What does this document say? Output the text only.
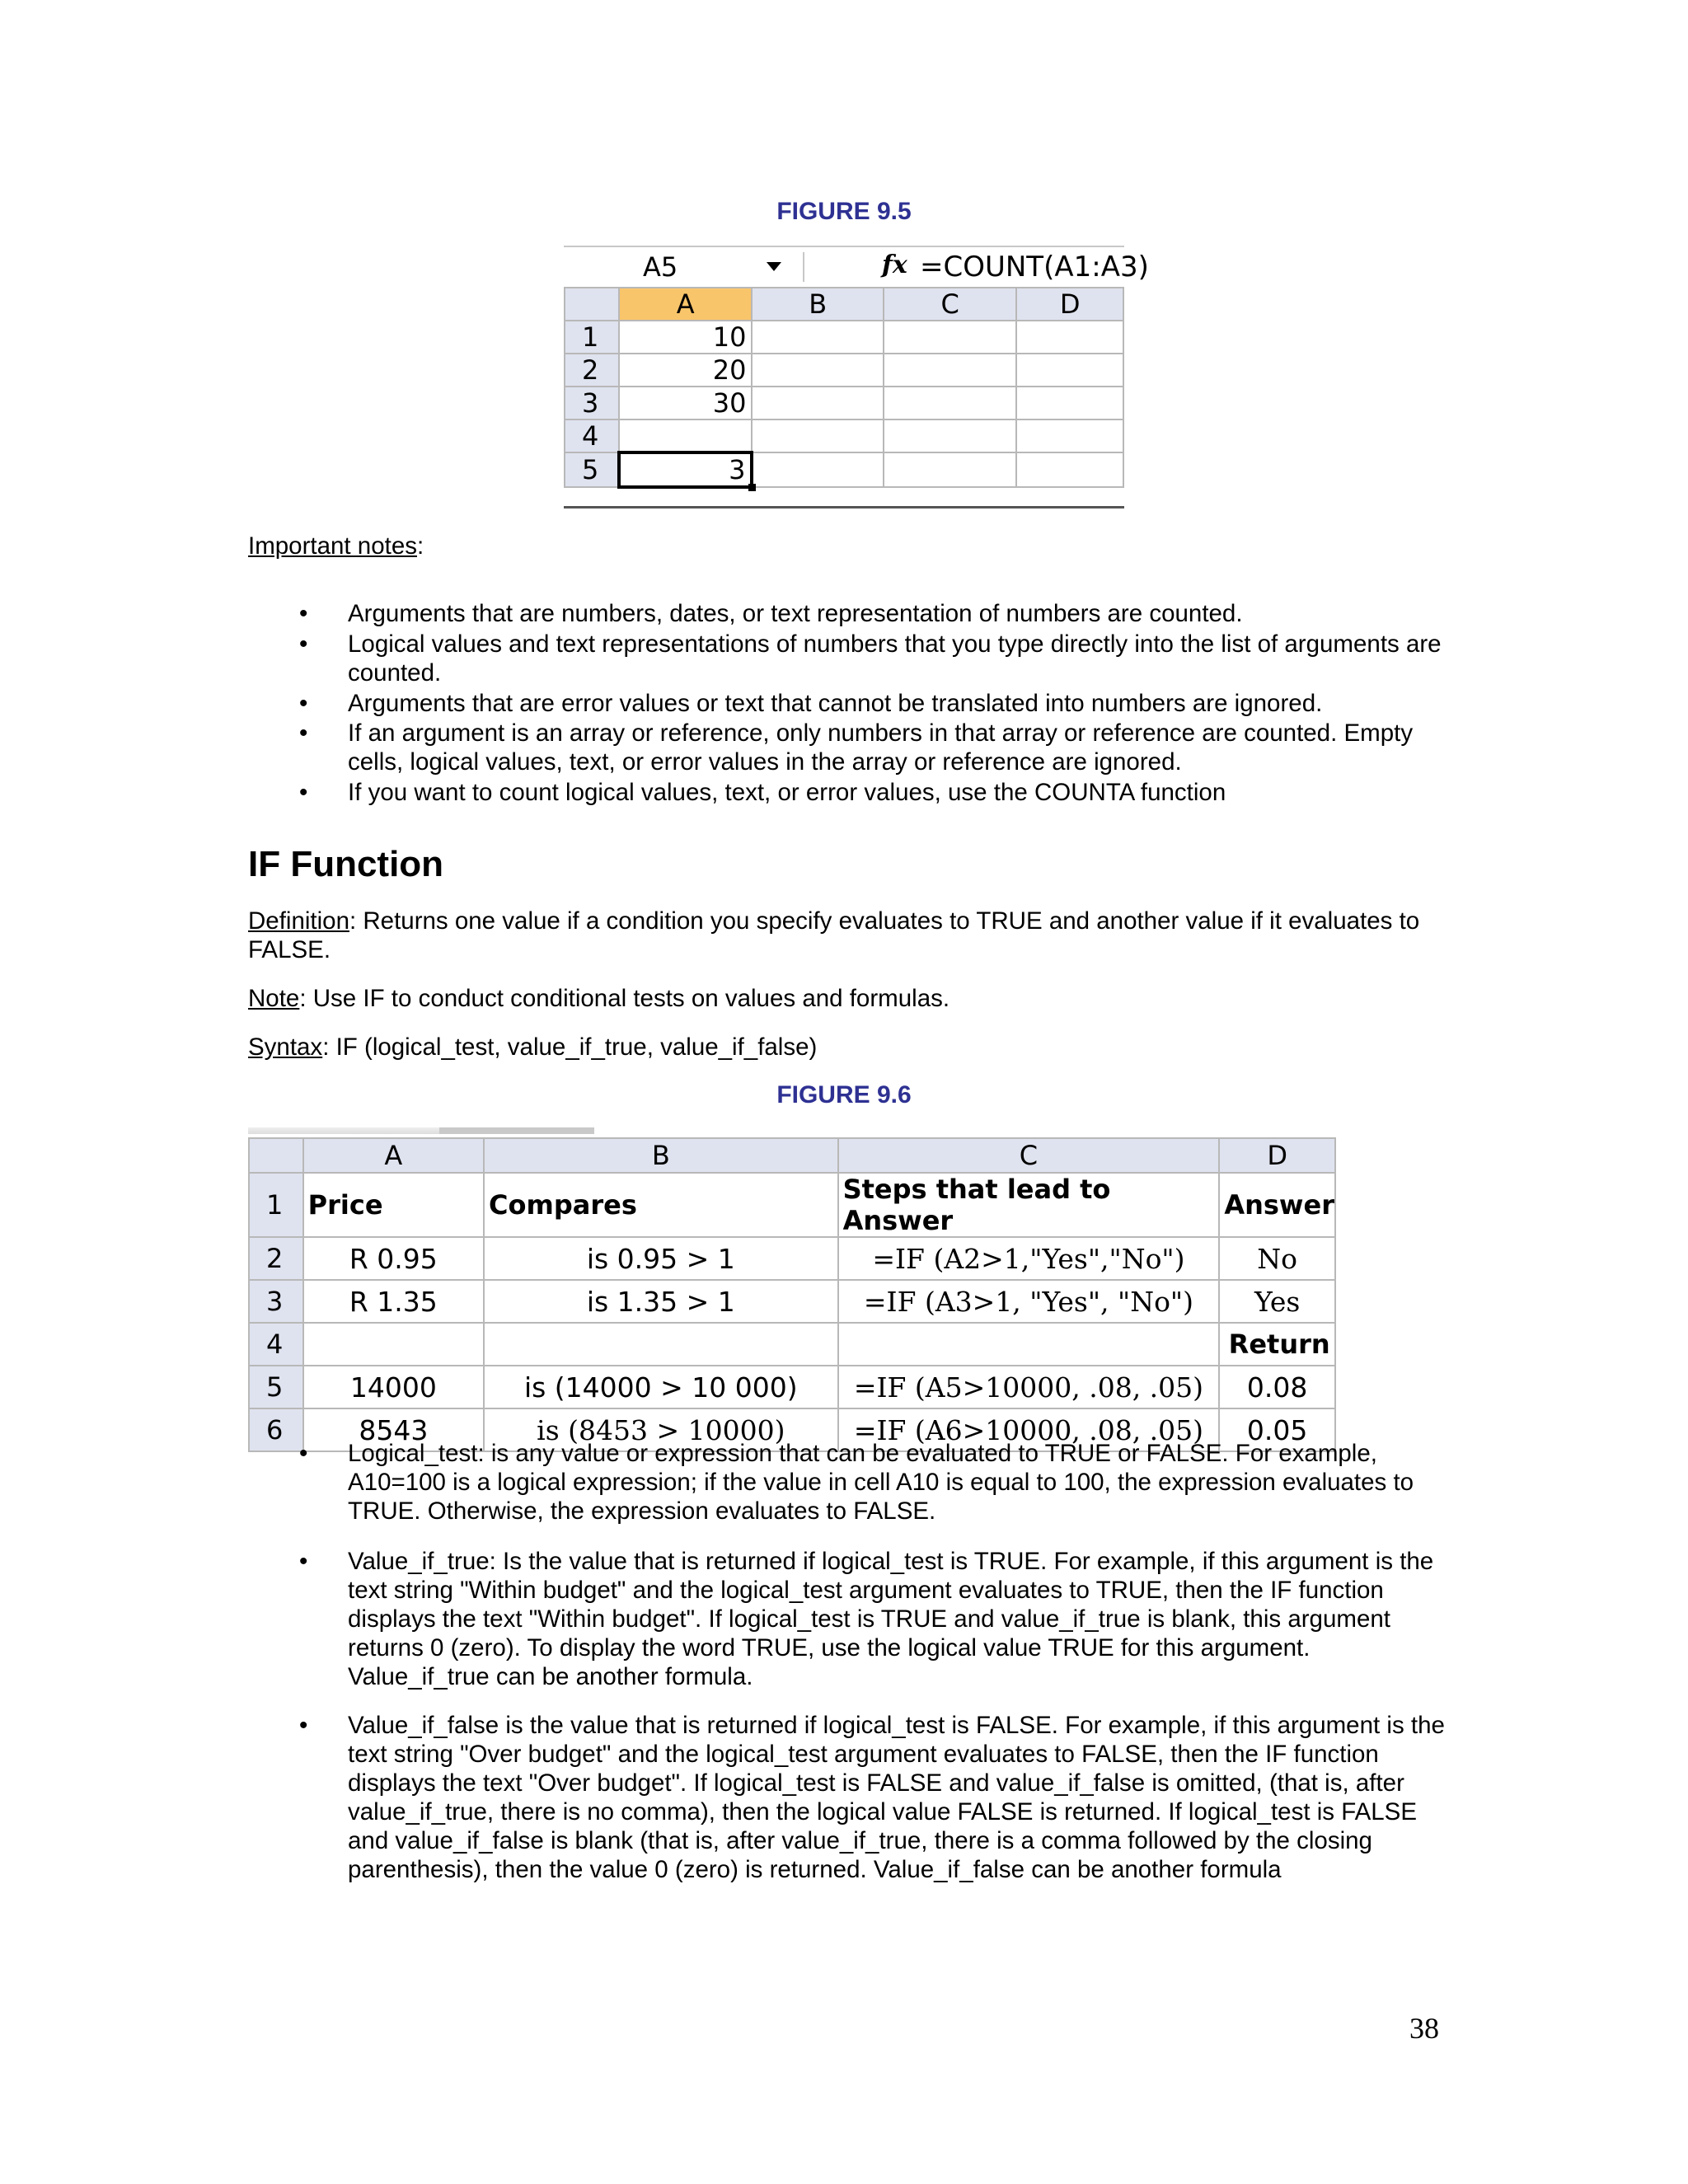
FIGURE 9.5
A5	fx =COUNT(A1:A3)
	A	B	C	D
1	10			
2	20			
3	30			
4				
5	3

Important notes:
• Arguments that are numbers, dates, or text representation of numbers are counted.
• Logical values and text representations of numbers that you type directly into the list of arguments are counted.
• Arguments that are error values or text that cannot be translated into numbers are ignored.
• If an argument is an array or reference, only numbers in that array or reference are counted. Empty cells, logical values, text, or error values in the array or reference are ignored.
• If you want to count logical values, text, or error values, use the COUNTA function
IF Function
Definition: Returns one value if a condition you specify evaluates to TRUE and another value if it evaluates to FALSE.
Note: Use IF to conduct conditional tests on values and formulas.
Syntax: IF (logical_test, value_if_true, value_if_false)
FIGURE 9.6
	A	B	C	D
1	Price	Compares	Steps that lead to Answer	Answer
2	R 0.95	is 0.95 > 1	=IF (A2>1,"Yes","No")	No
3	R 1.35	is 1.35 > 1	=IF (A3>1, "Yes", "No")	Yes
4				Return
5	14000	is (14000 > 10 000)	=IF (A5>10000, .08, .05)	0.08
6	8543	is (8453 > 10000)	=IF (A6>10000, .08, .05)	0.05
• Logical_test: is any value or expression that can be evaluated to TRUE or FALSE. For example, A10=100 is a logical expression; if the value in cell A10 is equal to 100, the expression evaluates to TRUE. Otherwise, the expression evaluates to FALSE.
• Value_if_true: Is the value that is returned if logical_test is TRUE. For example, if this argument is the text string "Within budget" and the logical_test argument evaluates to TRUE, then the IF function displays the text "Within budget". If logical_test is TRUE and value_if_true is blank, this argument returns 0 (zero). To display the word TRUE, use the logical value TRUE for this argument. Value_if_true can be another formula.
• Value_if_false is the value that is returned if logical_test is FALSE. For example, if this argument is the text string "Over budget" and the logical_test argument evaluates to FALSE, then the IF function displays the text "Over budget". If logical_test is FALSE and value_if_false is omitted, (that is, after value_if_true, there is no comma), then the logical value FALSE is returned. If logical_test is FALSE and value_if_false is blank (that is, after value_if_true, there is a comma followed by the closing parenthesis), then the value 0 (zero) is returned. Value_if_false can be another formula
38
